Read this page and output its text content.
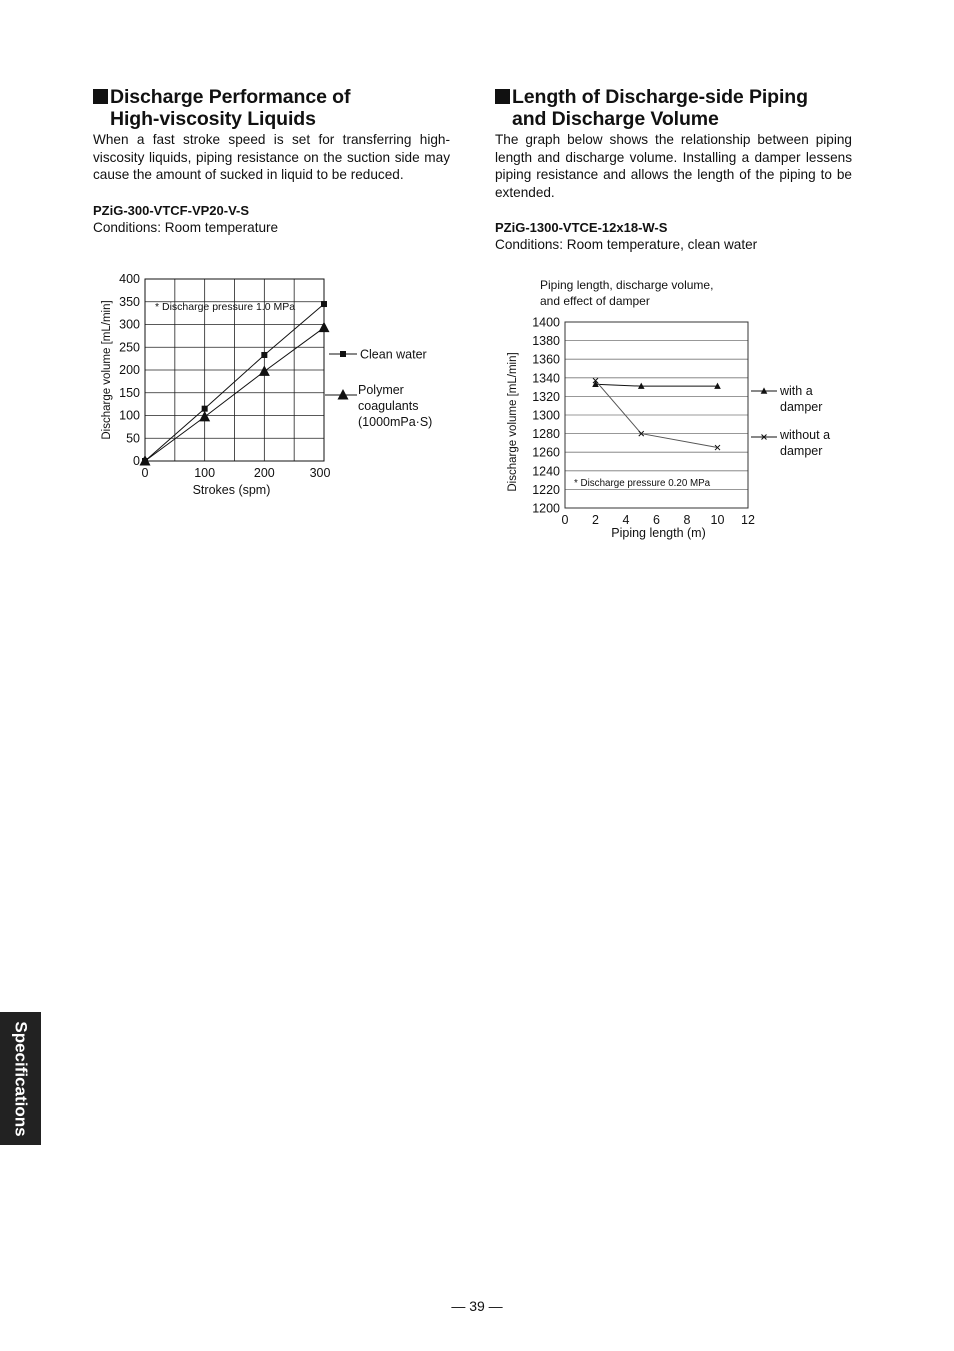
Discharge Performance of
High-viscosity Liquids

When a fast stroke speed is set for transferring high-viscosity liquids, piping resistance on the suction side may cause the amount of sucked in liquid to be reduced.

PZiG-300-VTCF-VP20-V-S
Conditions: Room temperature
Length of Discharge-side Piping
and Discharge Volume

The graph below shows the relationship between piping length and discharge volume. Installing a damper lessens piping resistance and allows the length of the piping to be extended.

PZiG-1300-VTCE-12x18-W-S
Conditions: Room temperature, clean water
0
50
100
150
200
250
300
350
400
0	100	200	300
Strokes (spm)
Discharge volume [mL/min]	* Discharge pressure 1.0 MPa
Clean water
Polymer
coagulants
(1000mPa·S)
Piping length, discharge volume,
and effect of damper
1200
1220
1240
1260
1280
1300
1320
1340
1360
1380
1400
0 2 4 6 8 10 12
Piping length (m)
Discharge volume [mL/min]	* Discharge pressure 0.20 MPa
with a
damper
without a
damper
Specifications
— 39 —
